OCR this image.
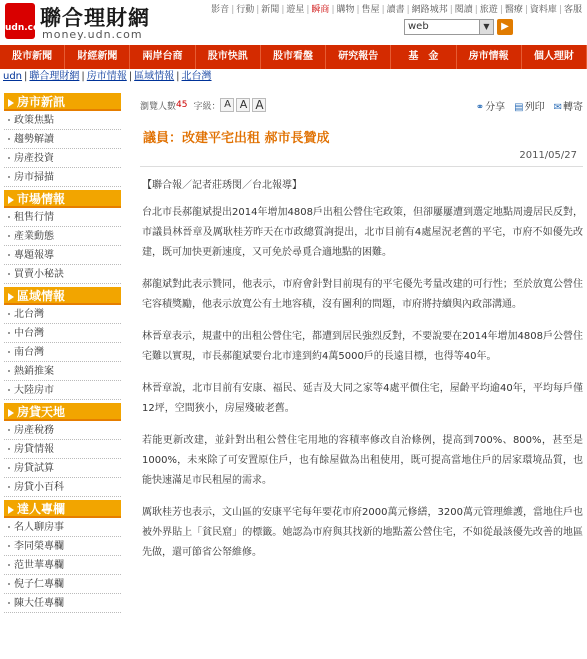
udn.com
聯合理財網
money.udn.com
影音 | 行動 | 新聞 | 遊星 | 瞬商 | 購物 | 售屋 | 讀書 | 網路城邦 | 閱讀 | 旅遊 | 醫療 | 資料庫 | 客服
web	▼	▶
股市新聞	財經新聞	兩岸台商	股市快訊	股市看盤	研究報告	基　金	房市情報	個人理財
udn | 聯合理財網 | 房市情報 | 區域情報 | 北台灣
房市新訊
政策焦點
趨勢解讀
房產投資
房市掃描
市場情報
租售行情
產業動態
專題報導
買賣小秘訣
區域情報
北台灣
中台灣
南台灣
熱銷推案
大陸房市
房貸天地
房產稅務
房貸情報
房貸試算
房貸小百科
達人專欄
名人聊房事
李同榮專欄
范世華專欄
倪子仁專欄
陳大任專欄
瀏覽人數 45 字級： A A A	⚭分享 ▤列印 ✉轉寄
議員：改建平宅出租 郝市長贊成
2011/05/27
【聯合報／記者莊琇閔／台北報導】

台北市長郝龍斌提出2014年增加4808戶出租公營住宅政策，但卻屢屢遭到選定地點周邊居民反對，市議員林晉章及厲耿桂芳昨天在市政總質詢提出，北市目前有4處屋況老舊的平宅，市府不如優先改建，既可加快更新速度，又可免於尋覓合適地點的困難。

郝龍斌對此表示贊同，他表示，市府會針對目前現有的平宅優先考量改建的可行性；至於放寬公營住宅容積獎勵，他表示放寬公有土地容積，沒有圖利的問題，市府將持續與內政部溝通。

林晉章表示，規畫中的出租公營住宅，都遭到居民強烈反對，不要說要在2014年增加4808戶公營住宅難以實現，市長郝龍斌要台北市達到約4萬5000戶的長遠目標，也得等40年。

林晉章說，北市目前有安康、福民、延吉及大同之家等4處平價住宅，屋齡平均逾40年，平均每戶僅12坪，空間狹小，房屋殘破老舊。

若能更新改建，並針對出租公營住宅用地的容積率修改自治條例，提高到700%、800%，甚至是1000%，未來除了可安置原住戶，也有餘屋做為出租使用，既可提高當地住戶的居家環境品質，也能快速滿足市民租屋的需求。

厲耿桂芳也表示，文山區的安康平宅每年要花市府2000萬元修繕，3200萬元管理維護，當地住戶也被外界貼上「貧民窟」的標籤。她認為市府與其找新的地點蓋公營住宅，不如從最該優先改善的地區先做，還可節省公帑維修。
